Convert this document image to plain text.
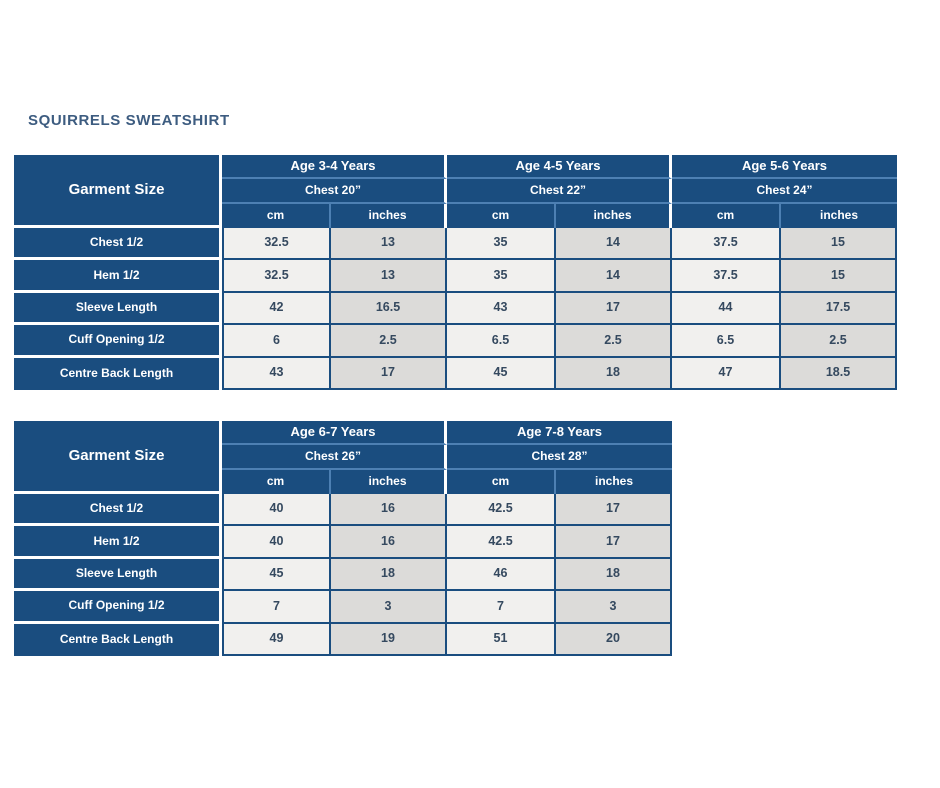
SQUIRRELS SWEATSHIRT
Garment Size
Age 3-4 Years
Chest 20”
cm	inches
Age 4-5 Years
Chest 22”
cm	inches
Age 5-6 Years
Chest 24”
cm	inches
Chest 1/2	32.5	13	35	14	37.5	15
Hem 1/2	32.5	13	35	14	37.5	15
Sleeve Length	42	16.5	43	17	44	17.5
Cuff Opening 1/2	6	2.5	6.5	2.5	6.5	2.5
Centre Back Length	43	17	45	18	47	18.5
Garment Size
Age 6-7 Years
Chest 26”
cm	inches
Age 7-8 Years
Chest 28”
cm	inches
Chest 1/2	40	16	42.5	17
Hem 1/2	40	16	42.5	17
Sleeve Length	45	18	46	18
Cuff Opening 1/2	7	3	7	3
Centre Back Length	49	19	51	20
